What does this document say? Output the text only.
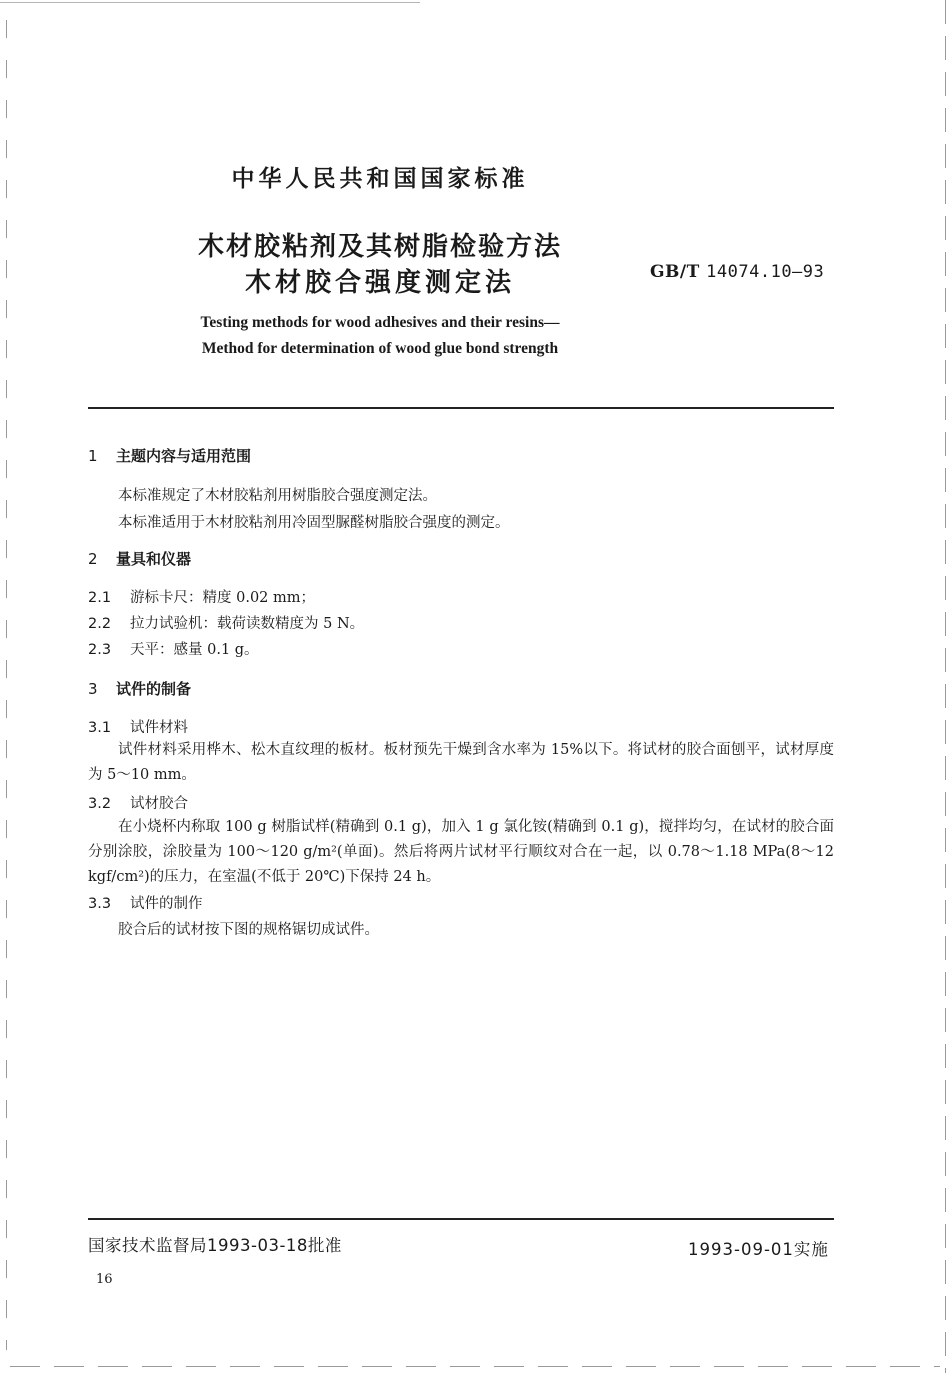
中华人民共和国国家标准
木材胶粘剂及其树脂检验方法
木材胶合强度测定法	GB/T 14074.10—93
Testing methods for wood adhesives and their resins—
Method for determination of wood glue bond strength
1 主题内容与适用范围
本标准规定了木材胶粘剂用树脂胶合强度测定法。
本标准适用于木材胶粘剂用冷固型脲醛树脂胶合强度的测定。
2 量具和仪器
2.1 游标卡尺：精度 0.02 mm；
2.2 拉力试验机：载荷读数精度为 5 N。
2.3 天平：感量 0.1 g。
3 试件的制备
3.1 试件材料

试件材料采用桦木、松木直纹理的板材。板材预先干燥到含水率为 15%以下。将试材的胶合面刨平，试材厚度为 5～10 mm。

3.2 试材胶合

在小烧杯内称取 100 g 树脂试样(精确到 0.1 g)，加入 1 g 氯化铵(精确到 0.1 g)，搅拌均匀，在试材的胶合面分别涂胶，涂胶量为 100～120 g/m²(单面)。然后将两片试材平行顺纹对合在一起，以 0.78～1.18 MPa(8～12 kgf/cm²)的压力，在室温(不低于 20℃)下保持 24 h。

3.3 试件的制作
胶合后的试材按下图的规格锯切成试件。
国家技术监督局1993-03-18批准	1993-09-01实施
16
